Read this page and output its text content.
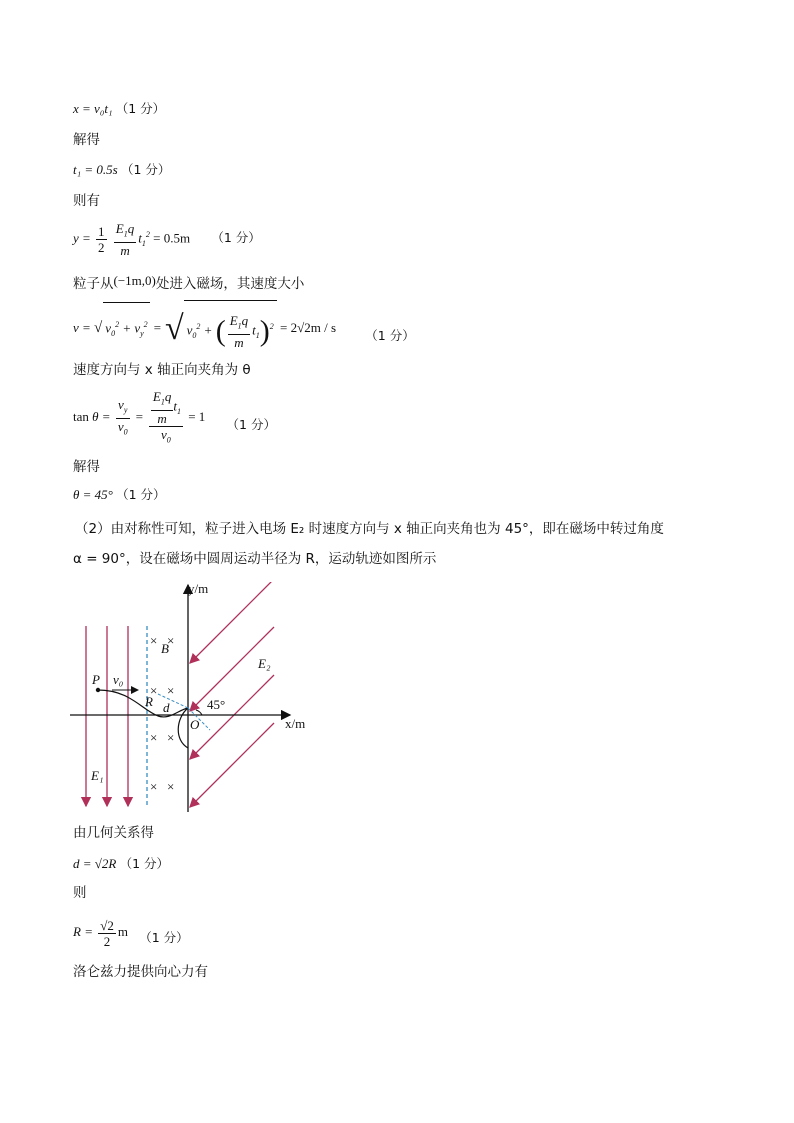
x = v₀t₁ （1 分）
解得
t₁ = 0.5s （1 分）
则有
$y = \frac{1}{2}$
$\frac{E_1q}{m} t_1^2 = 0.5m$ （1 分）
粒子从(−1m,0)处进入磁场，其速度大小
v = √ $v_0^2 + v_y^2$ = √ $v_0^2$ + ( $\frac{E_1q}{m} t_1)^2 = 2√2m / s$ （1 分）
速度方向与 x 轴正向夹角为 θ
$\tan \theta = \frac{v_y}{v_0} = \frac{\frac{E_1q}{m} t_1}{v_0} = 1$ （1 分）
解得
θ = 45° （1 分）
（2）由对称性可知，粒子进入电场 E₂ 时速度方向与 x 轴正向夹角也为 45°，即在磁场中转过角度
α = 90°，设在磁场中圆周运动半径为 R，运动轨迹如图所示
× ×
× ×
× ×
× ×
y/m
x/m
O
B
E₁
E₂
P v₀
R d	45°
由几何关系得
d = √2R （1 分）
则
$R = \frac{√2}{2}$ m （1 分）
洛仑兹力提供向心力有
